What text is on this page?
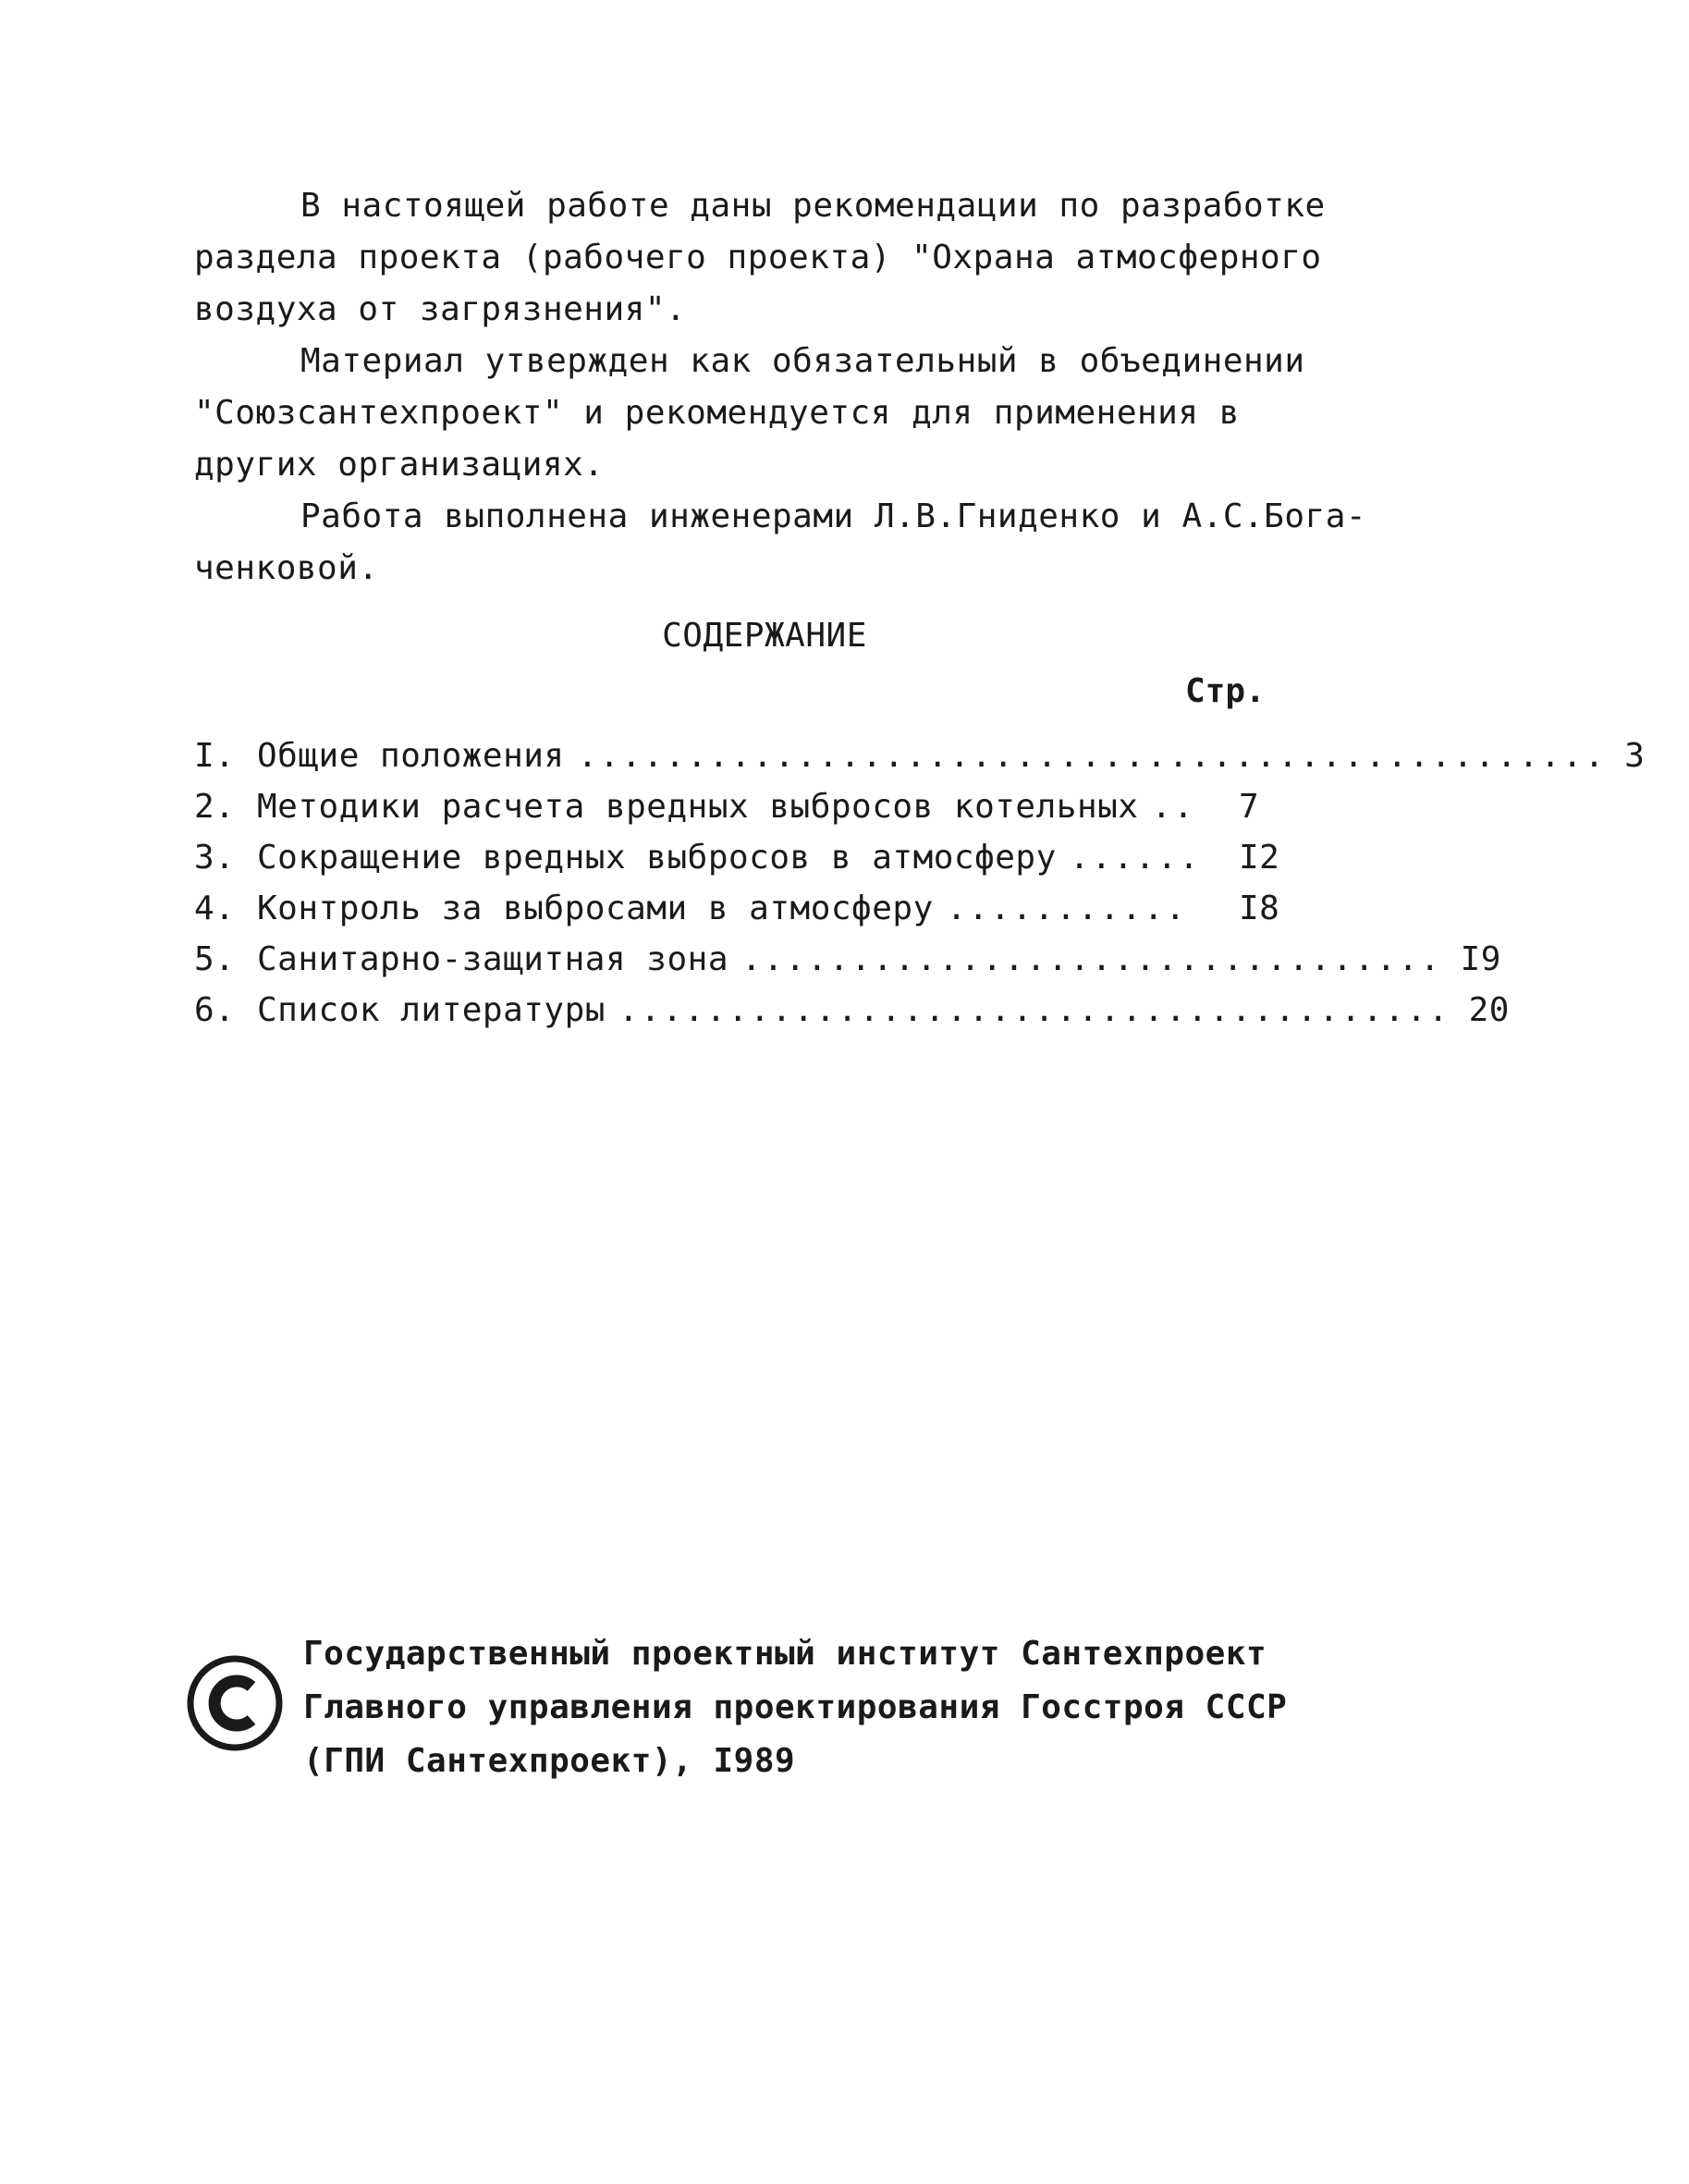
В настоящей работе даны рекомендации по разработке
раздела проекта (рабочего проекта) "Охрана атмосферного
воздуха от загрязнения".

Материал утвержден как обязательный в объединении
"Союзсантехпроект" и рекомендуется для применения в
других организациях.

Работа выполнена инженерами Л.В.Гниденко и А.С.Бога-
ченковой.

СОДЕРЖАНИЕ
Стр.
I. Общие положения ............................................... 3
2. Методики расчета вредных выбросов котельных ..	7
3. Сокращение вредных выбросов в атмосферу ......	I2
4. Контроль за выбросами в атмосферу ...........	I8
5. Санитарно-защитная зона ................................ I9
6. Список литературы ...................................... 20
Государственный проектный институт Сантехпроект
Главного управления проектирования Госстроя СССР
(ГПИ Сантехпроект), I989
